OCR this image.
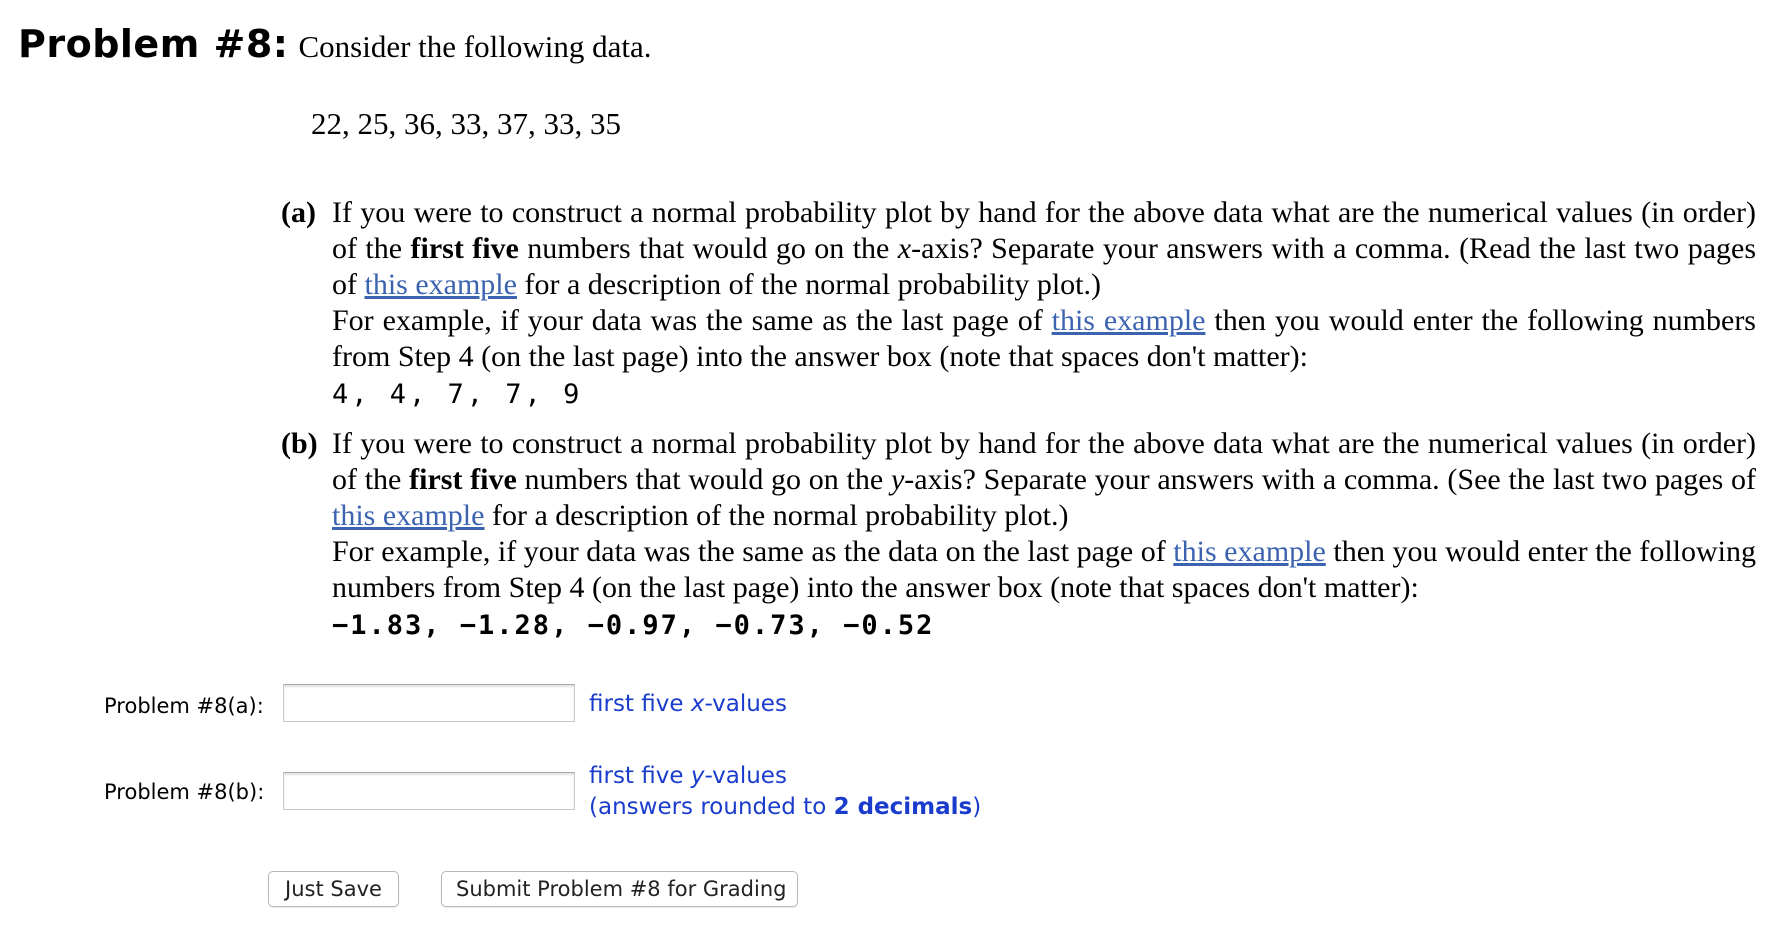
Problem #8: Consider the following data.
22, 25, 36, 33, 37, 33, 35
(a) If you were to construct a normal probability plot by hand for the above data what are the numerical values (in order) of the first five numbers that would go on the x-axis? Separate your answers with a comma. (Read the last two pages of this example for a description of the normal probability plot.)
For example, if your data was the same as the last page of this example then you would enter the following numbers from Step 4 (on the last page) into the answer box (note that spaces don't matter):
4, 4, 7, 7, 9
(b) If you were to construct a normal probability plot by hand for the above data what are the numerical values (in order) of the first five numbers that would go on the y-axis? Separate your answers with a comma. (See the last two pages of this example for a description of the normal probability plot.)
For example, if your data was the same as the data on the last page of this example then you would enter the following numbers from Step 4 (on the last page) into the answer box (note that spaces don't matter):
−1.83, −1.28, −0.97, −0.73, −0.52
Problem #8(a):	first five x-values
Problem #8(b):
first five y-values
(answers rounded to 2 decimals)
Just Save	Submit Problem #8 for Grading
